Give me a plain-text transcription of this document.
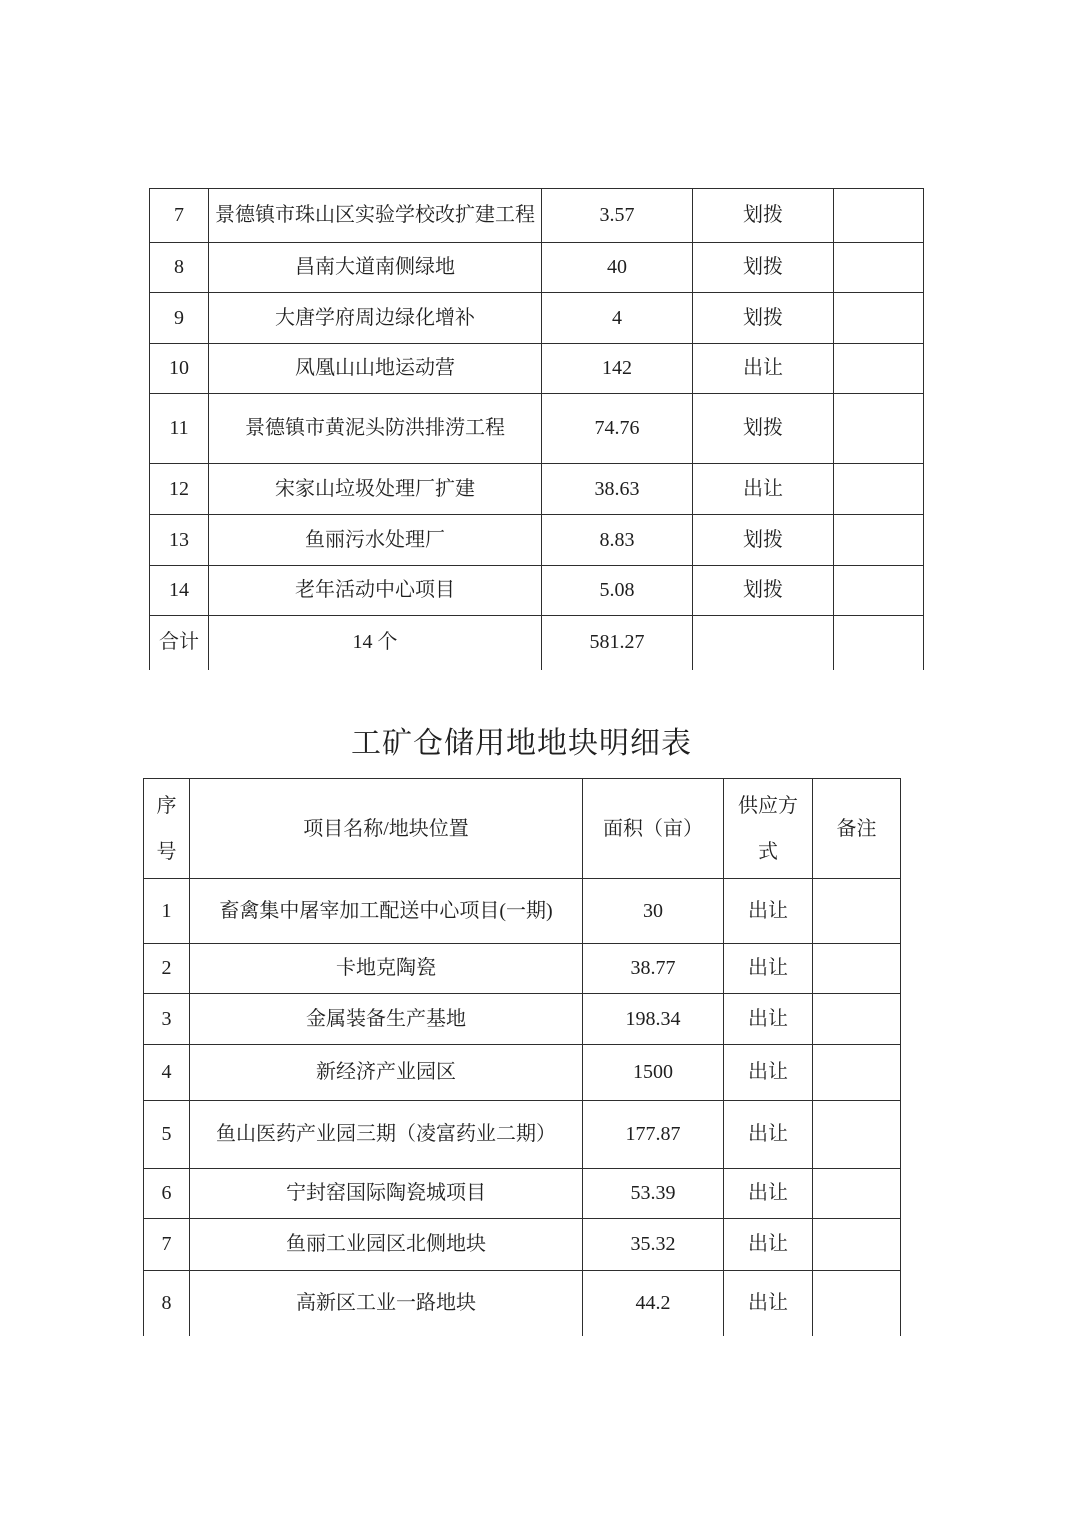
7	景德镇市珠山区实验学校改扩建工程	3.57	划拨	
8	昌南大道南侧绿地	40	划拨	
9	大唐学府周边绿化增补	4	划拨	
10	凤凰山山地运动营	142	出让	
11	景德镇市黄泥头防洪排涝工程	74.76	划拨	
12	宋家山垃圾处理厂扩建	38.63	出让	
13	鱼丽污水处理厂	8.83	划拨	
14	老年活动中心项目	5.08	划拨	
合计	14 个	581.27		
工矿仓储用地地块明细表
序号	项目名称/地块位置	面积（亩）	供应方式	备注
1	畜禽集中屠宰加工配送中心项目(一期)	30	出让	
2	卡地克陶瓷	38.77	出让	
3	金属装备生产基地	198.34	出让	
4	新经济产业园区	1500	出让	
5	鱼山医药产业园三期（凌富药业二期）	177.87	出让	
6	宁封窑国际陶瓷城项目	53.39	出让	
7	鱼丽工业园区北侧地块	35.32	出让	
8	高新区工业一路地块	44.2	出让	
